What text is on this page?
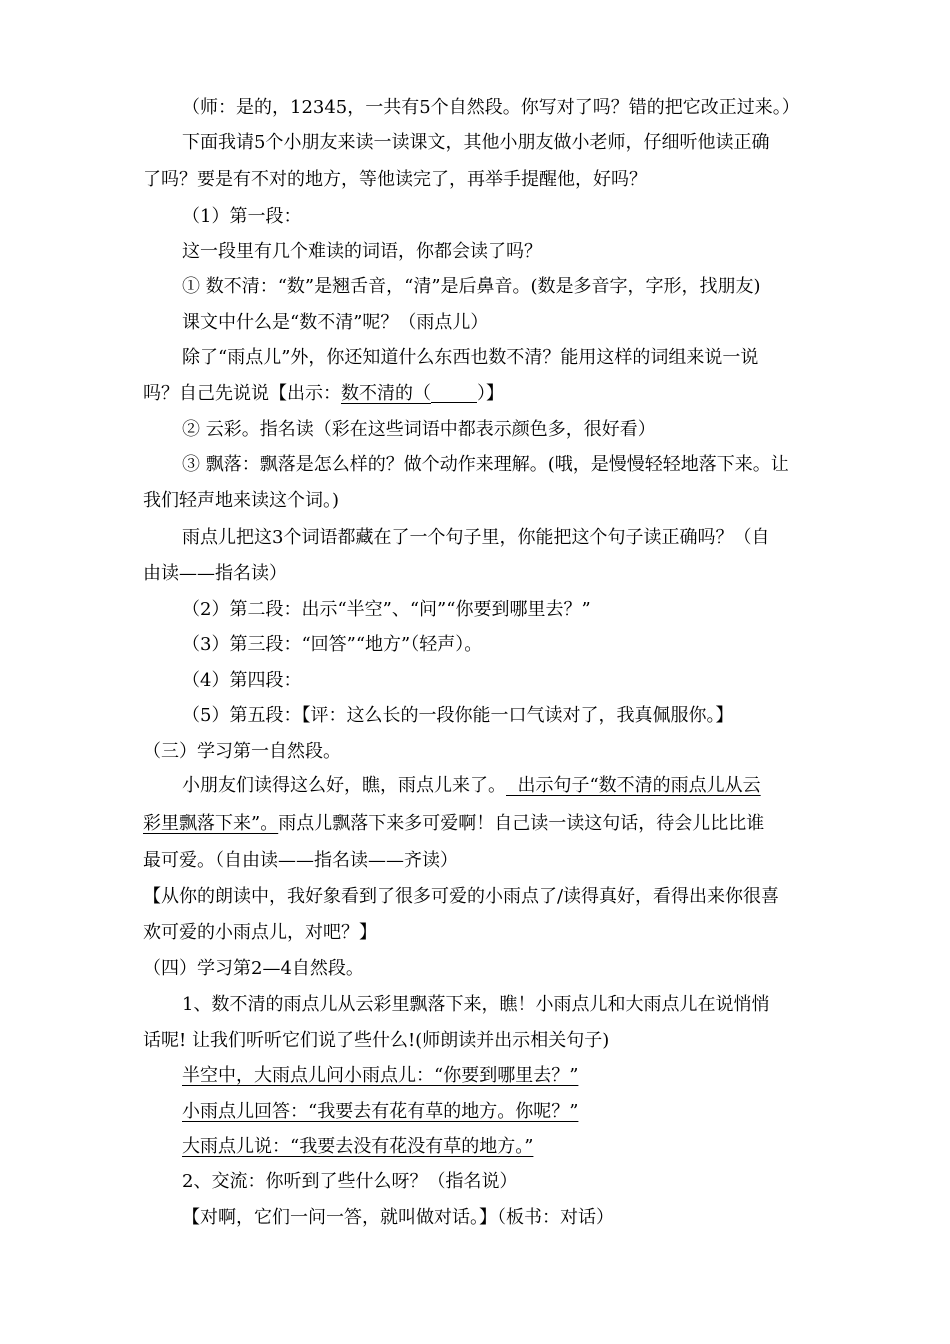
（师：是的，12345，一共有5个自然段。你写对了吗？错的把它改正过来。）
下面我请5个小朋友来读一读课文，其他小朋友做小老师，仔细听他读正确
了吗？要是有不对的地方，等他读完了，再举手提醒他，好吗？
（1）第一段：
这一段里有几个难读的词语，你都会读了吗？
① 数不清：“数”是翘舌音，“清”是后鼻音。(数是多音字，字形，找朋友)
课文中什么是“数不清”呢？（雨点儿）
除了“雨点儿”外，你还知道什么东西也数不清？能用这样的词组来说一说
吗？自己先说说【出示：数不清的（	）】
② 云彩。指名读（彩在这些词语中都表示颜色多，很好看）
③ 飘落：飘落是怎么样的？做个动作来理解。(哦，是慢慢轻轻地落下来。让
我们轻声地来读这个词。)
雨点儿把这3个词语都藏在了一个句子里，你能把这个句子读正确吗？（自
由读——指名读）
（2）第二段：出示“半空”、“问”“你要到哪里去？”
（3）第三段：“回答”“地方”（轻声）。
（4）第四段：
（5）第五段：【评：这么长的一段你能一口气读对了，我真佩服你。】
（三）学习第一自然段。
小朋友们读得这么好，瞧，雨点儿来了。  出示句子“数不清的雨点儿从云
彩里飘落下来”。雨点儿飘落下来多可爱啊！自己读一读这句话，待会儿比比谁
最可爱。（自由读——指名读——齐读）
【从你的朗读中，我好象看到了很多可爱的小雨点了/读得真好，看得出来你很喜
欢可爱的小雨点儿，对吧？】
（四）学习第2—4自然段。
1、数不清的雨点儿从云彩里飘落下来，瞧！小雨点儿和大雨点儿在说悄悄
话呢! 让我们听听它们说了些什么!(师朗读并出示相关句子)
半空中，大雨点儿问小雨点儿：“你要到哪里去？”
小雨点儿回答：“我要去有花有草的地方。你呢？”
大雨点儿说：“我要去没有花没有草的地方。”
2、交流：你听到了些什么呀？（指名说）
【对啊，它们一问一答，就叫做对话。】（板书：对话）
